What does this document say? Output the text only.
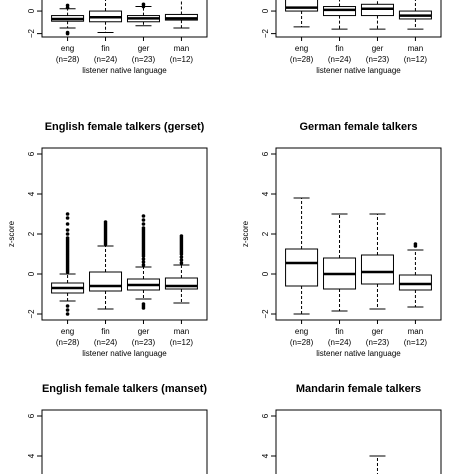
−2
0
eng
(n=28)
fin
(n=24)
ger
(n=23)
man
(n=12)
listener native language
−2
0
eng
(n=28)
fin
(n=24)
ger
(n=23)
man
(n=12)
listener native language
English female talkers (gerset)
−2
0
2
4
6
z-score
eng
(n=28)
fin
(n=24)
ger
(n=23)
man
(n=12)
listener native language
German female talkers
−2
0
2
4
6
z-score
eng
(n=28)
fin
(n=24)
ger
(n=23)
man
(n=12)
listener native language
English female talkers (manset)
4
6
Mandarin female talkers
4
6
